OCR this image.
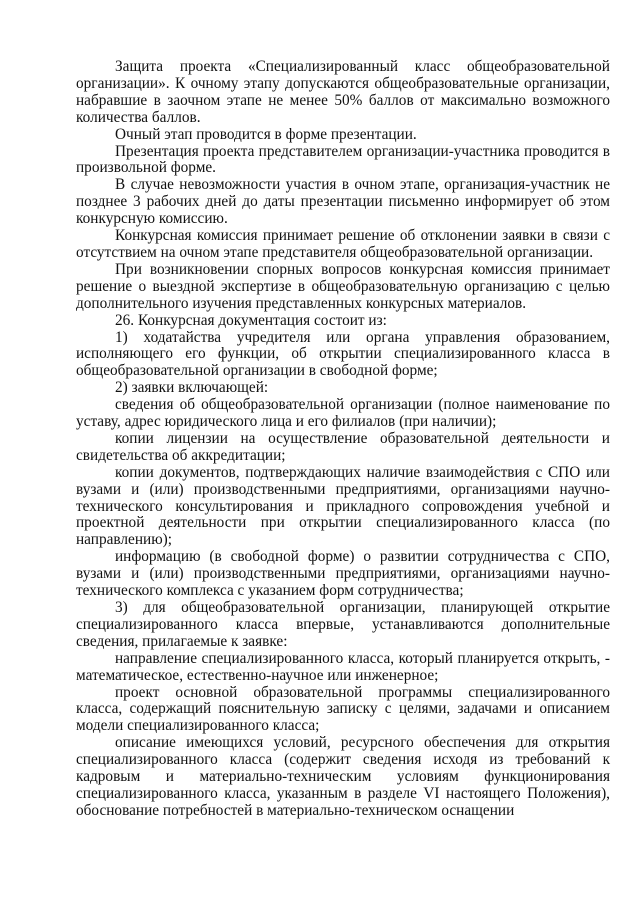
Защита проекта «Специализированный класс общеобразовательной организации». К очному этапу допускаются общеобразовательные организации, набравшие в заочном этапе не менее 50% баллов от максимально возможного количества баллов.

Очный этап проводится в форме презентации.

Презентация проекта представителем организации-участника проводится в произвольной форме.

В случае невозможности участия в очном этапе, организация-участник не позднее 3 рабочих дней до даты презентации письменно информирует об этом конкурсную комиссию.

Конкурсная комиссия принимает решение об отклонении заявки в связи с отсутствием на очном этапе представителя общеобразовательной организации.

При возникновении спорных вопросов конкурсная комиссия принимает решение о выездной экспертизе в общеобразовательную организацию с целью дополнительного изучения представленных конкурсных материалов.

26. Конкурсная документация состоит из:

1) ходатайства учредителя или органа управления образованием, исполняющего его функции, об открытии специализированного класса в общеобразовательной организации в свободной форме;

2) заявки включающей:

сведения об общеобразовательной организации (полное наименование по уставу, адрес юридического лица и его филиалов (при наличии);

копии лицензии на осуществление образовательной деятельности и свидетельства об аккредитации;

копии документов, подтверждающих наличие взаимодействия с СПО или вузами и (или) производственными предприятиями, организациями научно-технического консультирования и прикладного сопровождения учебной и проектной деятельности при открытии специализированного класса (по направлению);

информацию (в свободной форме) о развитии сотрудничества с СПО, вузами и (или) производственными предприятиями, организациями научно-технического комплекса с указанием форм сотрудничества;

3) для общеобразовательной организации, планирующей открытие специализированного класса впервые, устанавливаются дополнительные сведения, прилагаемые к заявке:

направление специализированного класса, который планируется открыть, - математическое, естественно-научное или инженерное;

проект основной образовательной программы специализированного класса, содержащий пояснительную записку с целями, задачами и описанием модели специализированного класса;

описание имеющихся условий, ресурсного обеспечения для открытия специализированного класса (содержит сведения исходя из требований к кадровым и материально-техническим условиям функционирования специализированного класса, указанным в разделе VI настоящего Положения), обоснование потребностей в материально-техническом оснащении
